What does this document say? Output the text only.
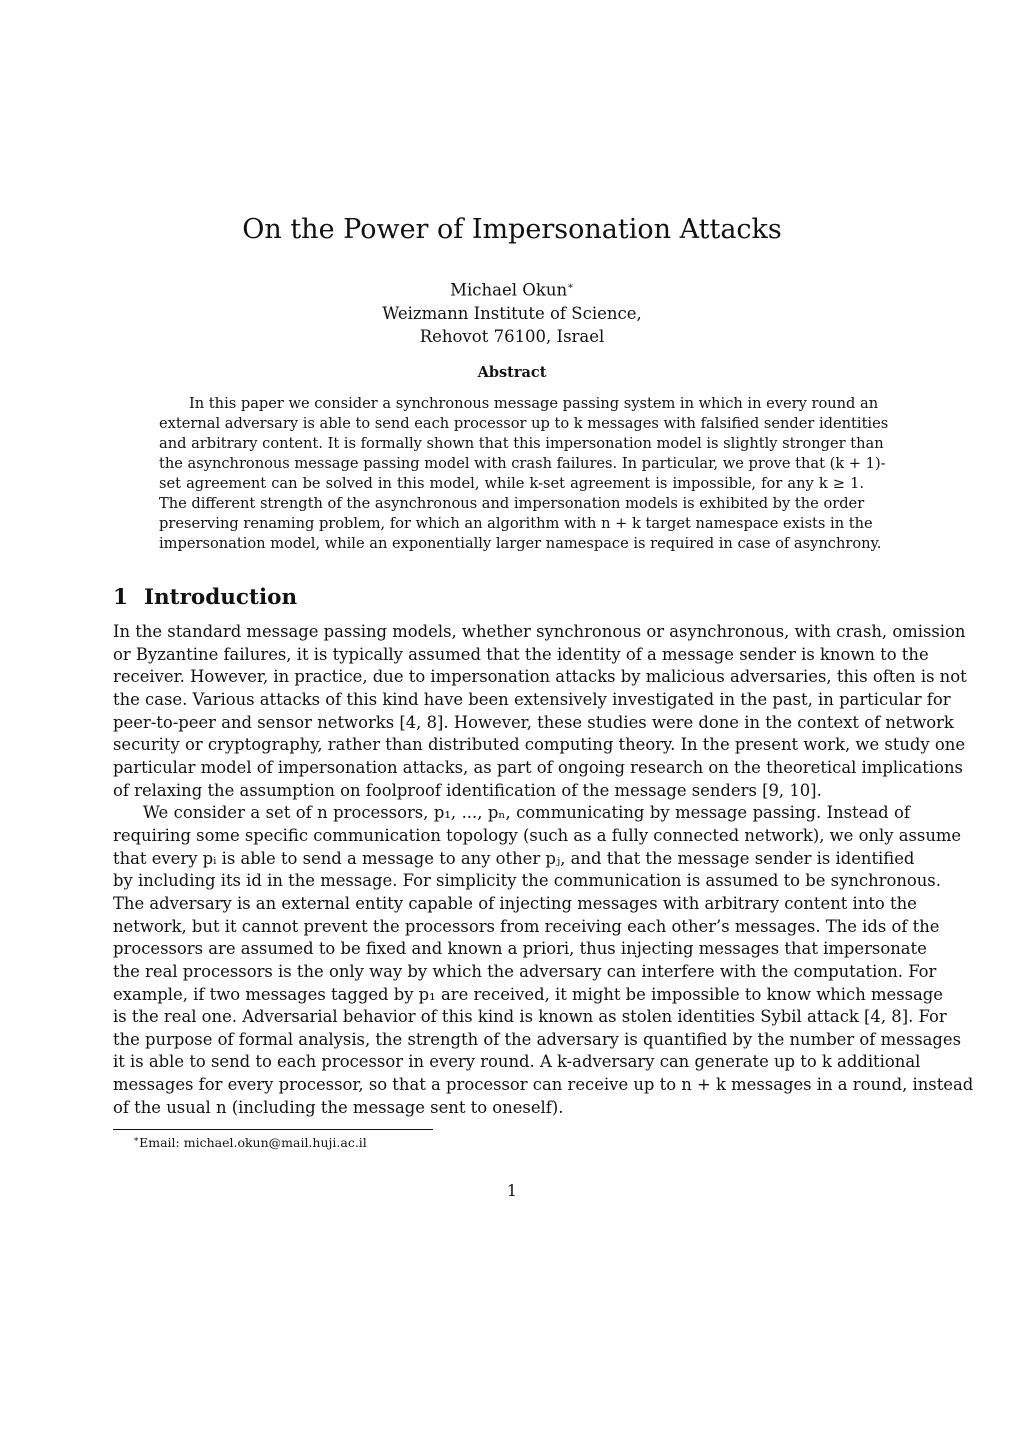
On the Power of Impersonation Attacks
Michael Okun∗
Weizmann Institute of Science,
Rehovot 76100, Israel
Abstract
In this paper we consider a synchronous message passing system in which in every round an
external adversary is able to send each processor up to k messages with falsified sender identities
and arbitrary content. It is formally shown that this impersonation model is slightly stronger than
the asynchronous message passing model with crash failures. In particular, we prove that (k + 1)-
set agreement can be solved in this model, while k-set agreement is impossible, for any k ≥ 1.
The different strength of the asynchronous and impersonation models is exhibited by the order
preserving renaming problem, for which an algorithm with n + k target namespace exists in the
impersonation model, while an exponentially larger namespace is required in case of asynchrony.
1 Introduction
In the standard message passing models, whether synchronous or asynchronous, with crash, omission
or Byzantine failures, it is typically assumed that the identity of a message sender is known to the
receiver. However, in practice, due to impersonation attacks by malicious adversaries, this often is not
the case. Various attacks of this kind have been extensively investigated in the past, in particular for
peer-to-peer and sensor networks [4, 8]. However, these studies were done in the context of network
security or cryptography, rather than distributed computing theory. In the present work, we study one
particular model of impersonation attacks, as part of ongoing research on the theoretical implications
of relaxing the assumption on foolproof identification of the message senders [9, 10].
We consider a set of n processors, p₁, ..., pₙ, communicating by message passing. Instead of
requiring some specific communication topology (such as a fully connected network), we only assume
that every pᵢ is able to send a message to any other pⱼ, and that the message sender is identified
by including its id in the message. For simplicity the communication is assumed to be synchronous.
The adversary is an external entity capable of injecting messages with arbitrary content into the
network, but it cannot prevent the processors from receiving each other’s messages. The ids of the
processors are assumed to be fixed and known a priori, thus injecting messages that impersonate
the real processors is the only way by which the adversary can interfere with the computation. For
example, if two messages tagged by p₁ are received, it might be impossible to know which message
is the real one. Adversarial behavior of this kind is known as stolen identities Sybil attack [4, 8]. For
the purpose of formal analysis, the strength of the adversary is quantified by the number of messages
it is able to send to each processor in every round. A k-adversary can generate up to k additional
messages for every processor, so that a processor can receive up to n + k messages in a round, instead
of the usual n (including the message sent to oneself).
∗Email: michael.okun@mail.huji.ac.il
1
